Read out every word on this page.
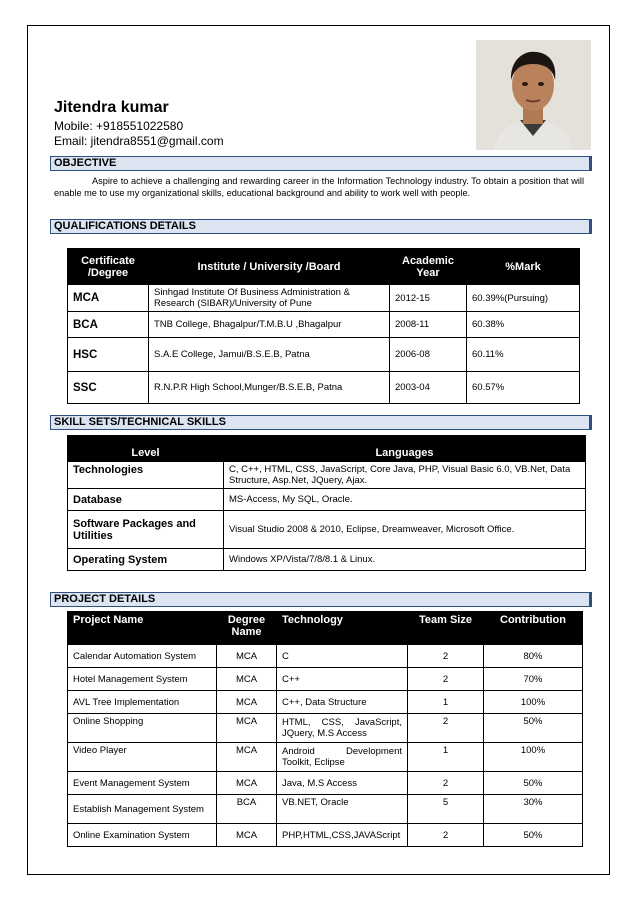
Jitendra kumar
Mobile: +918551022580
Email: jitendra8551@gmail.com
OBJECTIVE
Aspire to achieve a challenging and rewarding career in the Information Technology industry. To obtain a position that will enable me to use my organizational skills, educational background and ability to work well with people.
QUALIFICATIONS DETAILS
Certificate /Degree	Institute / University /Board	Academic Year	%Mark
MCA	Sinhgad Institute Of Business Administration & Research (SIBAR)/University of Pune	2012-15	60.39%(Pursuing)
BCA	TNB College, Bhagalpur/T.M.B.U ,Bhagalpur	2008-11	60.38%
HSC	S.A.E College, Jamui/B.S.E.B, Patna	2006-08	60.11%
SSC	R.N.P.R High School,Munger/B.S.E.B, Patna	2003-04	60.57%
SKILL SETS/TECHNICAL SKILLS
Level	Languages
Technologies	C, C++, HTML, CSS, JavaScript, Core Java, PHP, Visual Basic 6.0, VB.Net, Data Structure, Asp.Net, JQuery, Ajax.
Database	MS-Access, My SQL, Oracle.
Software Packages and Utilities	Visual Studio 2008 & 2010, Eclipse, Dreamweaver, Microsoft Office.
Operating System	Windows XP/Vista/7/8/8.1 & Linux.
PROJECT DETAILS
Project Name	Degree Name	Technology	Team Size	Contribution
Calendar Automation System	MCA	C	2	80%
Hotel Management System	MCA	C++	2	70%
AVL Tree Implementation	MCA	C++, Data Structure	1	100%
Online Shopping	MCA	HTML, CSS, JavaScript, JQuery, M.S Access	2	50%
Video Player	MCA	Android Development Toolkit, Eclipse	1	100%
Event Management System	MCA	Java, M.S Access	2	50%
Establish Management System	BCA	VB.NET, Oracle	5	30%
Online Examination System	MCA	PHP,HTML,CSS,JAVAScript	2	50%
